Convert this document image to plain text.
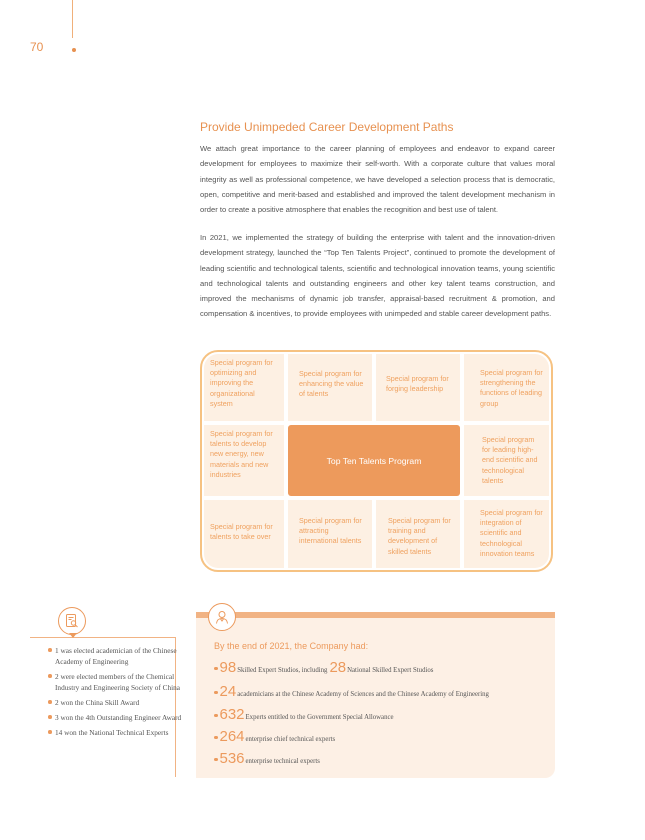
70
Provide Unimpeded Career Development Paths

We attach great importance to the career planning of employees and endeavor to expand career development for employees to maximize their self-worth. With a corporate culture that values moral integrity as well as professional competence, we have developed a selection process that is democratic, open, competitive and merit-based and established and improved the talent development mechanism in order to create a positive atmosphere that enables the recognition and best use of talent.

In 2021, we implemented the strategy of building the enterprise with talent and the innovation-driven development strategy, launched the “Top Ten Talents Project”, continued to promote the development of leading scientific and technological talents, scientific and technological innovation teams, young scientific and technological talents and outstanding engineers and other key talent teams construction, and improved the mechanisms of dynamic job transfer, appraisal-based recruitment & promotion, and compensation & incentives, to provide employees with unimpeded and stable career development paths.

Special program for optimizing and improving the organizational system
Special program for enhancing the value of talents
Special program for forging leadership
Special program for strengthening the functions of leading group
Special program for talents to develop new energy, new materials and new industries
Top Ten Talents Program
Special program for leading high-end scientific and technological talents
Special program for talents to take over
Special program for attracting international talents
Special program for training and development of skilled talents
Special program for integration of scientific and technological innovation teams
1 was elected academician of the Chinese Academy of Engineering
2 were elected members of the Chemical Industry and Engineering Society of China
2 won the China Skill Award
3 won the 4th Outstanding Engineer Award
14 won the National Technical Experts
By the end of 2021, the Company had:
98 Skilled Expert Studios, including 28 National Skilled Expert Studios
24 academicians at the Chinese Academy of Sciences and the Chinese Academy of Engineering
632 Experts entitled to the Government Special Allowance
264 enterprise chief technical experts
536 enterprise technical experts
